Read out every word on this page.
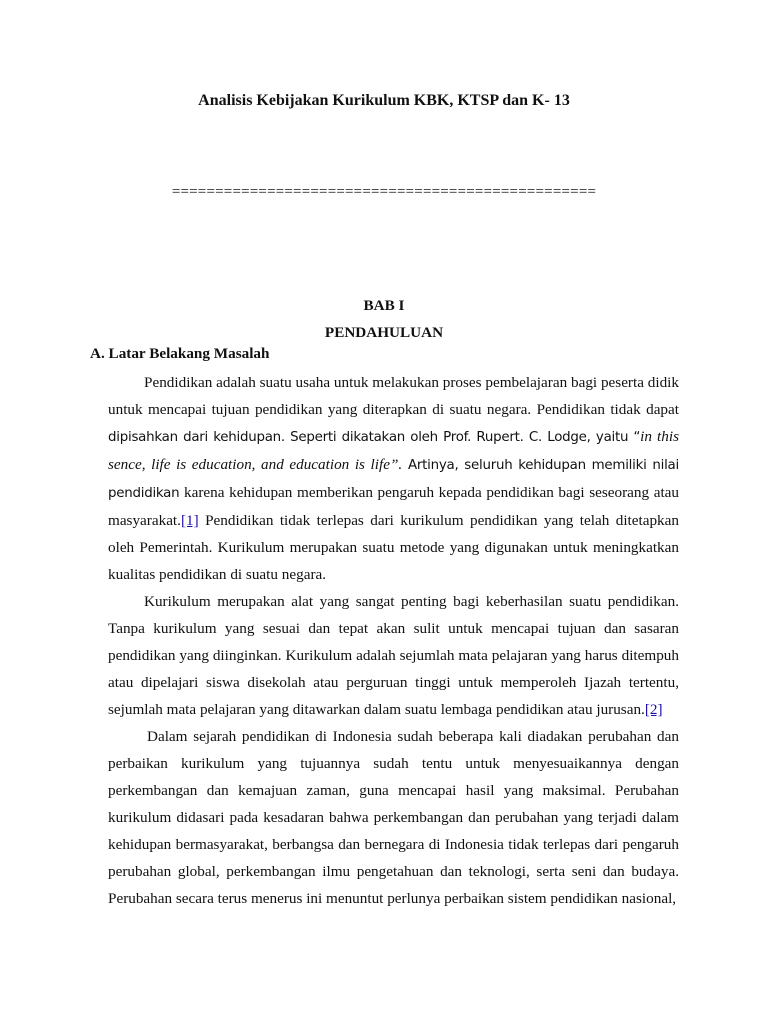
Analisis Kebijakan Kurikulum KBK, KTSP dan K- 13
=================================================
BAB I
PENDAHULUAN
A. Latar Belakang Masalah

Pendidikan adalah suatu usaha untuk melakukan proses pembelajaran bagi peserta didik untuk mencapai tujuan pendidikan yang diterapkan di suatu negara. Pendidikan tidak dapat dipisahkan dari kehidupan. Seperti dikatakan oleh Prof. Rupert. C. Lodge, yaitu “in this sence, life is education, and education is life”. Artinya, seluruh kehidupan memiliki nilai pendidikan karena kehidupan memberikan pengaruh kepada pendidikan bagi seseorang atau masyarakat.[1] Pendidikan tidak terlepas dari kurikulum pendidikan yang telah ditetapkan oleh Pemerintah. Kurikulum merupakan suatu metode yang digunakan untuk meningkatkan kualitas pendidikan di suatu negara.

Kurikulum merupakan alat yang sangat penting bagi keberhasilan suatu pendidikan. Tanpa kurikulum yang sesuai dan tepat akan sulit untuk mencapai tujuan dan sasaran pendidikan yang diinginkan. Kurikulum adalah sejumlah mata pelajaran yang harus ditempuh atau dipelajari siswa disekolah atau perguruan tinggi untuk memperoleh Ijazah tertentu, sejumlah mata pelajaran yang ditawarkan dalam suatu lembaga pendidikan atau jurusan.[2]

Dalam sejarah pendidikan di Indonesia sudah beberapa kali diadakan perubahan dan perbaikan kurikulum yang tujuannya sudah tentu untuk menyesuaikannya dengan perkembangan dan kemajuan zaman, guna mencapai hasil yang maksimal. Perubahan kurikulum didasari pada kesadaran bahwa perkembangan dan perubahan yang terjadi dalam kehidupan bermasyarakat, berbangsa dan bernegara di Indonesia tidak terlepas dari pengaruh perubahan global, perkembangan ilmu pengetahuan dan teknologi, serta seni dan budaya. Perubahan secara terus menerus ini menuntut perlunya perbaikan sistem pendidikan nasional,
